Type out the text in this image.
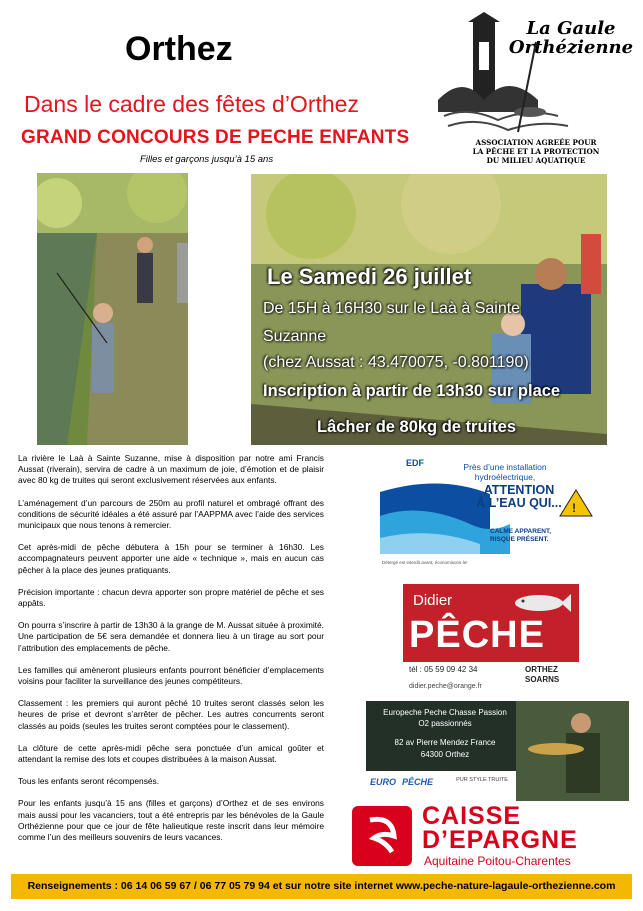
Orthez
Dans le cadre des fêtes d’Orthez
GRAND CONCOURS DE PECHE ENFANTS
Filles et garçons jusqu’à 15 ans
La Gaule
Orthézienne
ASSOCIATION AGREÉE POUR
LA PÊCHE ET LA PROTECTION
DU MILIEU AQUATIQUE
Le Samedi 26 juillet
De 15H à 16H30 sur le Laà à Sainte
Suzanne
(chez Aussat : 43.470075, -0.801190)
Inscription à partir de 13h30 sur place
Lâcher de 80kg de truites

La rivière le Laà à Sainte Suzanne, mise à disposition par notre ami Francis Aussat (riverain), servira de cadre à un maximum de joie, d’émotion et de plaisir avec 80 kg de truites qui seront exclusivement réservées aux enfants.

L’aménagement d’un parcours de 250m au profil naturel et ombragé offrant des conditions de sécurité idéales a été assuré par l’AAPPMA avec l’aide des services municipaux que nous tenons à remercier.

Cet après-midi de pêche débutera à 15h pour se terminer à 16h30. Les accompagnateurs peuvent apporter une aide « technique », mais en aucun cas pêcher à la place des jeunes pratiquants.

Précision importante : chacun devra apporter son propre matériel de pêche et ses appâts.

On pourra s’inscrire à partir de 13h30 à la grange de M. Aussat située à proximité. Une participation de 5€ sera demandée et donnera lieu à un tirage au sort pour l’attribution des emplacements de pêche.

Les familles qui amèneront plusieurs enfants pourront bénéficier d’emplacements voisins pour faciliter la surveillance des jeunes compétiteurs.

Classement : les premiers qui auront pêché 10 truites seront classés selon les heures de prise et devront s’arrêter de pêcher. Les autres concurrents seront classés au poids (seules les truites seront comptées pour le classement).

La clôture de cette après-midi pêche sera ponctuée d’un amical goûter et attendant la remise des lots et coupes distribuées à la maison Aussat.

Tous les enfants seront récompensés.

Pour les enfants jusqu’à 15 ans (filles et garçons) d’Orthez et de ses environs mais aussi pour les vacanciers, tout a été entrepris par les bénévoles de la Gaule Orthézienne pour que ce jour de fête halieutique reste inscrit dans leur mémoire comme l’un des meilleurs souvenirs de leurs vacances.

!
EDF	Près d’une installation
hydroélectrique,
ATTENTION
À L’EAU QUI...
CALME APPARENT,
RISQUE PRÉSENT.
Détergé est interdit avant, économisons-le!
Didier
PÊCHE
tél : 05 59 09 42 34	ORTHEZ
SOARNS
didier.peche@orange.fr
Europeche Peche Chasse Passion
O2 passionnés
82 av Pierre Mendez France
64300 Orthez
EURO PÊCHE	PUR STYLE TRUITE
CAISSE
D’EPARGNE
Aquitaine Poitou-Charentes
Renseignements : 06 14 06 59 67 / 06 77 05 79 94 et sur notre site internet www.peche-nature-lagaule-orthezienne.com
